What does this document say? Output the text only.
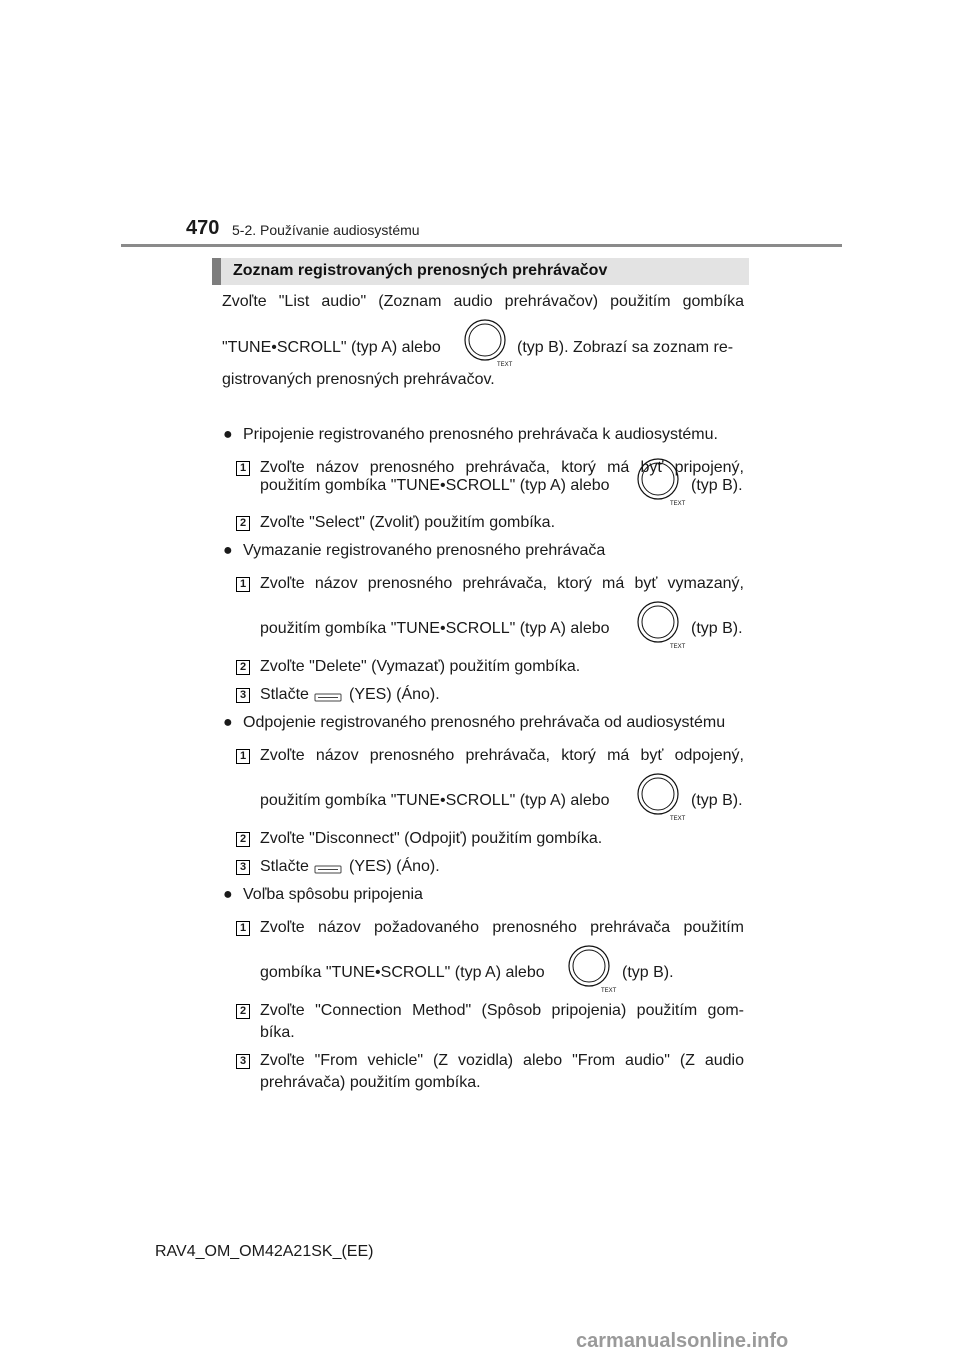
470 5-2. Používanie audiosystému
Zoznam registrovaných prenosných prehrávačov
Zvoľte "List audio" (Zoznam audio prehrávačov) použitím gombíka
"TUNE•SCROLL" (typ A) alebo
TEXT
(typ B). Zobrazí sa zoznam re-
gistrovaných prenosných prehrávačov.
● Pripojenie registrovaného prenosného prehrávača k audiosystému.
1 Zvoľte názov prenosného prehrávača, ktorý má byť pripojený,
použitím gombíka "TUNE•SCROLL" (typ A) alebo
TEXT
(typ B).
2 Zvoľte "Select" (Zvoliť) použitím gombíka.
● Vymazanie registrovaného prenosného prehrávača
1 Zvoľte názov prenosného prehrávača, ktorý má byť vymazaný,
použitím gombíka "TUNE•SCROLL" (typ A) alebo
TEXT
(typ B).
2 Zvoľte "Delete" (Vymazať) použitím gombíka.
3 Stlačte	(YES) (Áno).
● Odpojenie registrovaného prenosného prehrávača od audiosystému
1 Zvoľte názov prenosného prehrávača, ktorý má byť odpojený,
použitím gombíka "TUNE•SCROLL" (typ A) alebo
TEXT
(typ B).
2 Zvoľte "Disconnect" (Odpojiť) použitím gombíka.
3 Stlačte	(YES) (Áno).
● Voľba spôsobu pripojenia
1 Zvoľte názov požadovaného prenosného prehrávača použitím
gombíka "TUNE•SCROLL" (typ A) alebo
TEXT
(typ B).
2 Zvoľte "Connection Method" (Spôsob pripojenia) použitím gom-
bíka.
3 Zvoľte "From vehicle" (Z vozidla) alebo "From audio" (Z audio
prehrávača) použitím gombíka.
RAV4_OM_OM42A21SK_(EE)
carmanualsonline.info
